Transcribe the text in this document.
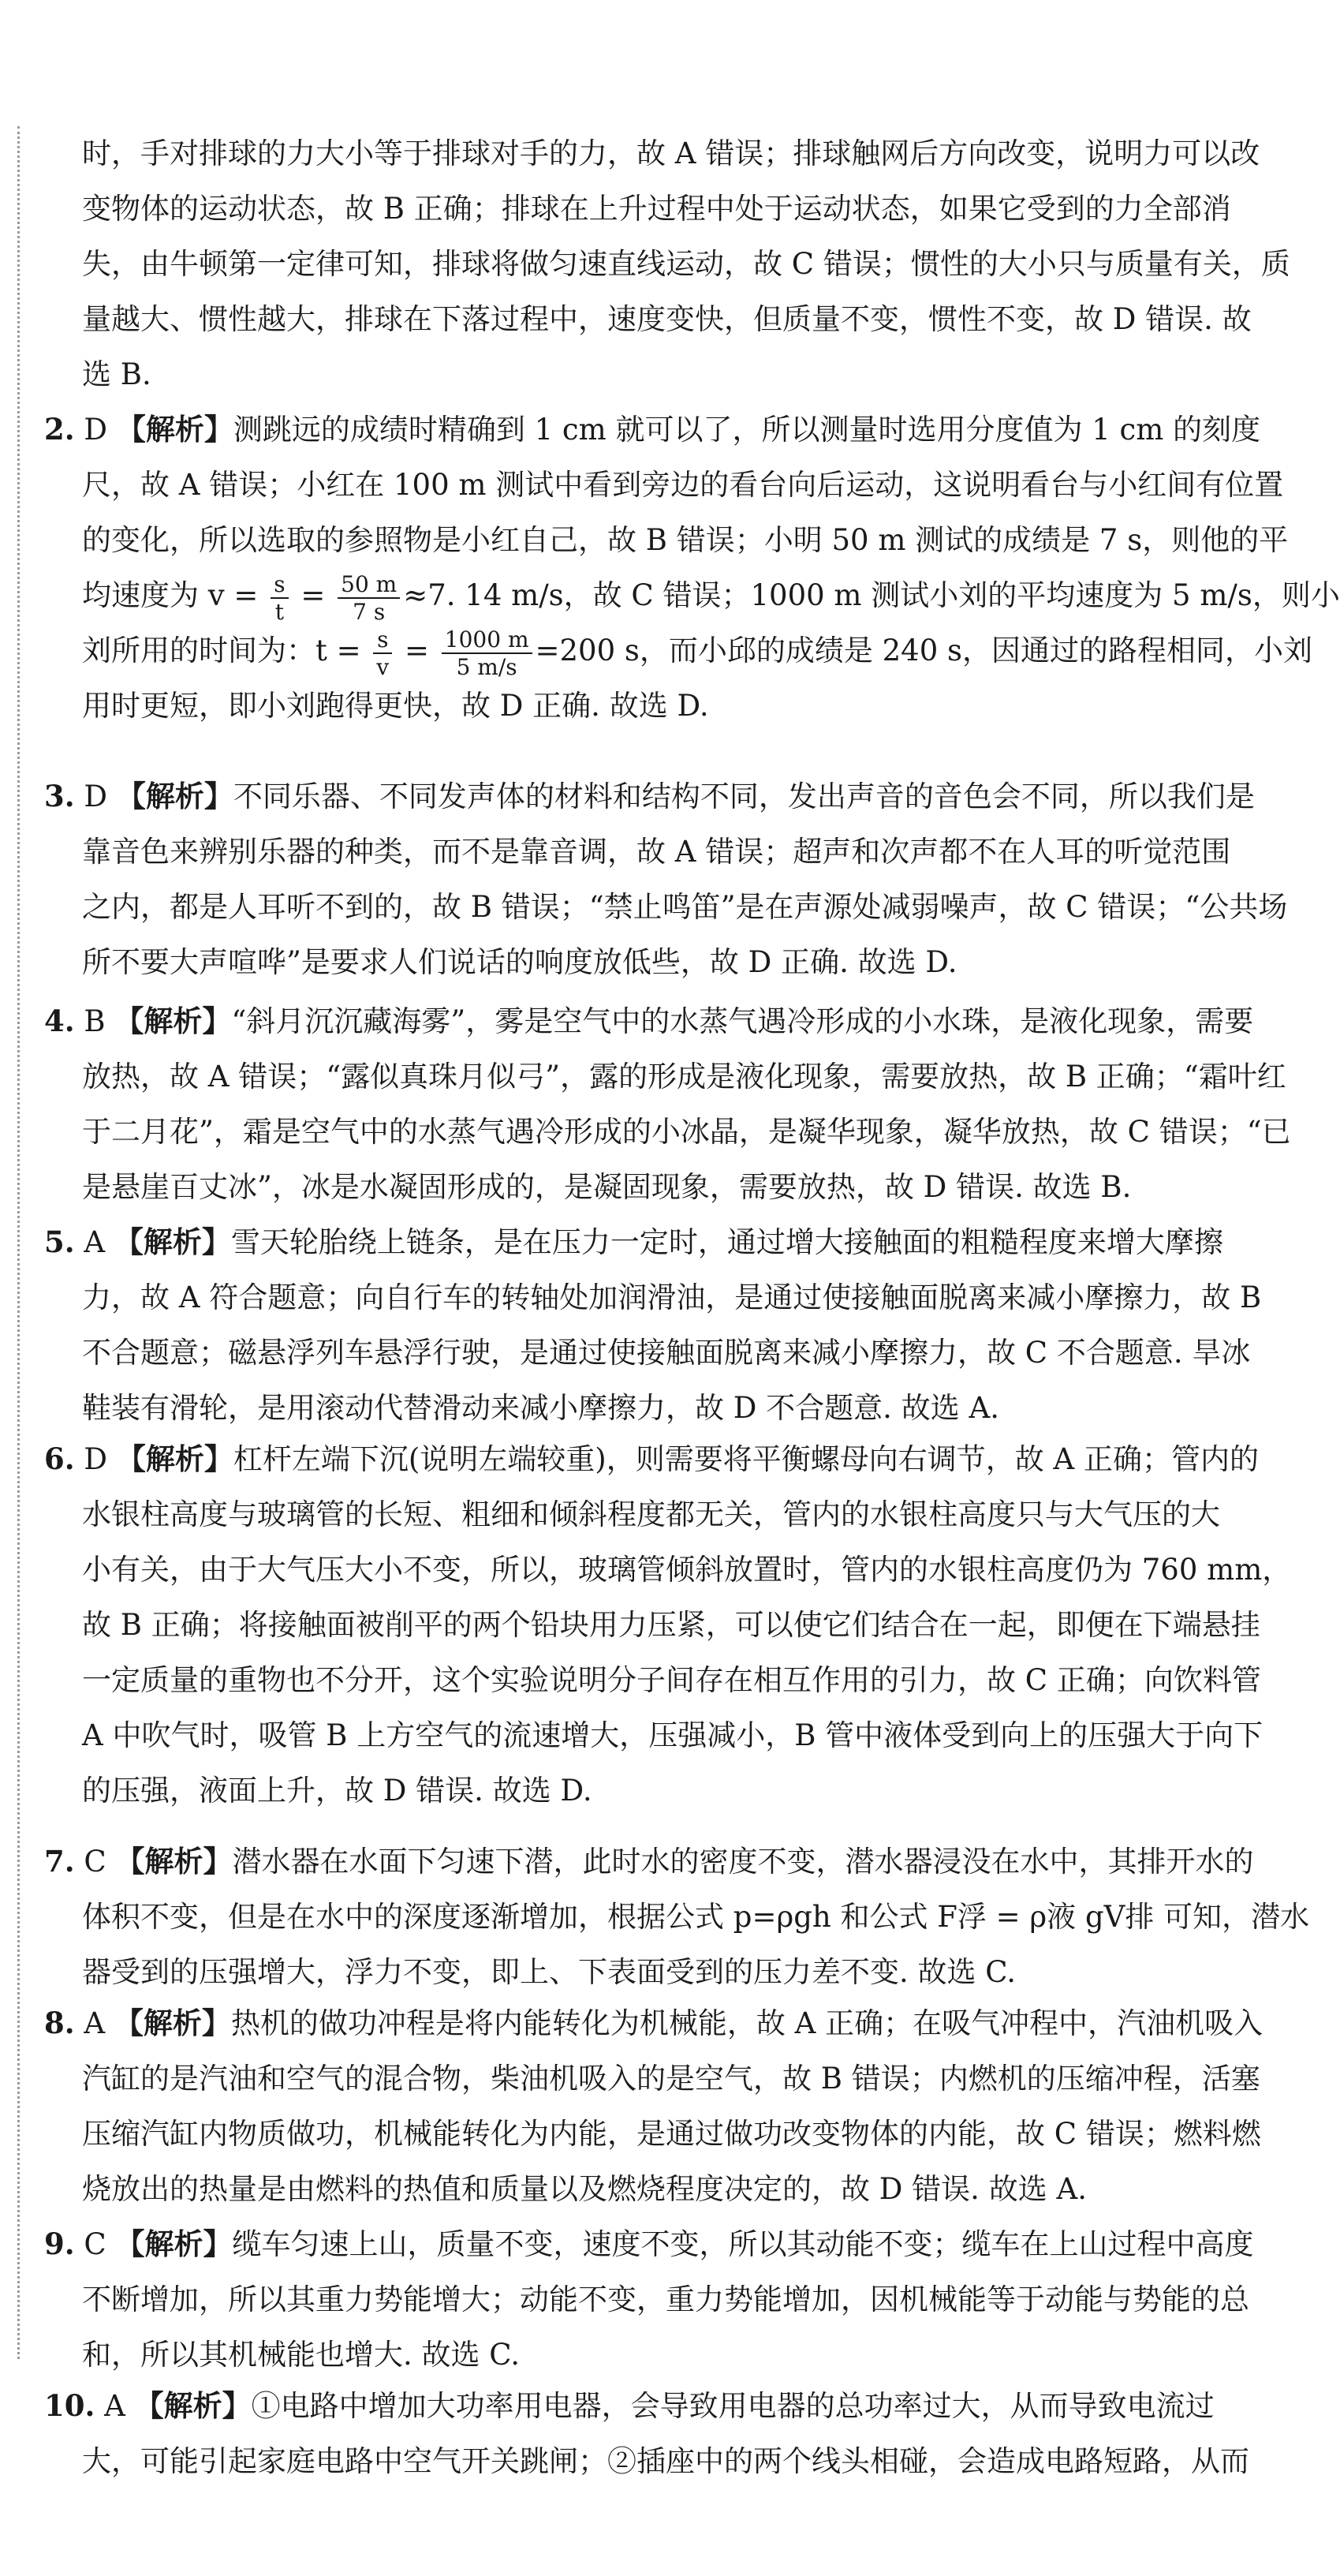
时，手对排球的力大小等于排球对手的力，故 A 错误；排球触网后方向改变，说明力可以改
变物体的运动状态，故 B 正确；排球在上升过程中处于运动状态，如果它受到的力全部消
失，由牛顿第一定律可知，排球将做匀速直线运动，故 C 错误；惯性的大小只与质量有关，质
量越大、惯性越大，排球在下落过程中，速度变快，但质量不变，惯性不变，故 D 错误. 故
选 B.
2. D 【解析】测跳远的成绩时精确到 1 cm 就可以了，所以测量时选用分度值为 1 cm 的刻度
尺，故 A 错误；小红在 100 m 测试中看到旁边的看台向后运动，这说明看台与小红间有位置
的变化，所以选取的参照物是小红自己，故 B 错误；小明 50 m 测试的成绩是 7 s，则他的平
均速度为 $v = \frac{s}{t} = \frac{50 m}{7 s} \approx 7$. 14 m/s，故 C 错误；1000 m 测试小刘的平均速度为 5 m/s，则小
刘所用的时间为：$t = \frac{s}{v} = \frac{1000 m}{5 m/s} =200$ s，而小邱的成绩是 240 s，因通过的路程相同，小刘
用时更短，即小刘跑得更快，故 D 正确. 故选 D.
3. D 【解析】不同乐器、不同发声体的材料和结构不同，发出声音的音色会不同，所以我们是
靠音色来辨别乐器的种类，而不是靠音调，故 A 错误；超声和次声都不在人耳的听觉范围
之内，都是人耳听不到的，故 B 错误；“禁止鸣笛”是在声源处减弱噪声，故 C 错误；“公共场
所不要大声喧哗”是要求人们说话的响度放低些，故 D 正确. 故选 D.
4. B 【解析】“斜月沉沉藏海雾”，雾是空气中的水蒸气遇冷形成的小水珠，是液化现象，需要
放热，故 A 错误；“露似真珠月似弓”，露的形成是液化现象，需要放热，故 B 正确；“霜叶红
于二月花”，霜是空气中的水蒸气遇冷形成的小冰晶，是凝华现象，凝华放热，故 C 错误；“已
是悬崖百丈冰”，冰是水凝固形成的，是凝固现象，需要放热，故 D 错误. 故选 B.
5. A 【解析】雪天轮胎绕上链条，是在压力一定时，通过增大接触面的粗糙程度来增大摩擦
力，故 A 符合题意；向自行车的转轴处加润滑油，是通过使接触面脱离来减小摩擦力，故 B
不合题意；磁悬浮列车悬浮行驶，是通过使接触面脱离来减小摩擦力，故 C 不合题意. 旱冰
鞋装有滑轮，是用滚动代替滑动来减小摩擦力，故 D 不合题意. 故选 A.
6. D 【解析】杠杆左端下沉(说明左端较重)，则需要将平衡螺母向右调节，故 A 正确；管内的
水银柱高度与玻璃管的长短、粗细和倾斜程度都无关，管内的水银柱高度只与大气压的大
小有关，由于大气压大小不变，所以，玻璃管倾斜放置时，管内的水银柱高度仍为 760 mm，
故 B 正确；将接触面被削平的两个铅块用力压紧，可以使它们结合在一起，即便在下端悬挂
一定质量的重物也不分开，这个实验说明分子间存在相互作用的引力，故 C 正确；向饮料管
A 中吹气时，吸管 B 上方空气的流速增大，压强减小，B 管中液体受到向上的压强大于向下
的压强，液面上升，故 D 错误. 故选 D.
7. C 【解析】潜水器在水面下匀速下潜，此时水的密度不变，潜水器浸没在水中，其排开水的
体积不变，但是在水中的深度逐渐增加，根据公式 p=ρgh 和公式 F浮 = ρ液 gV排 可知，潜水
器受到的压强增大，浮力不变，即上、下表面受到的压力差不变. 故选 C.
8. A 【解析】热机的做功冲程是将内能转化为机械能，故 A 正确；在吸气冲程中，汽油机吸入
汽缸的是汽油和空气的混合物，柴油机吸入的是空气，故 B 错误；内燃机的压缩冲程，活塞
压缩汽缸内物质做功，机械能转化为内能，是通过做功改变物体的内能，故 C 错误；燃料燃
烧放出的热量是由燃料的热值和质量以及燃烧程度决定的，故 D 错误. 故选 A.
9. C 【解析】缆车匀速上山，质量不变，速度不变，所以其动能不变；缆车在上山过程中高度
不断增加，所以其重力势能增大；动能不变，重力势能增加，因机械能等于动能与势能的总
和，所以其机械能也增大. 故选 C.
10. A 【解析】①电路中增加大功率用电器，会导致用电器的总功率过大，从而导致电流过
大，可能引起家庭电路中空气开关跳闸；②插座中的两个线头相碰，会造成电路短路，从而
